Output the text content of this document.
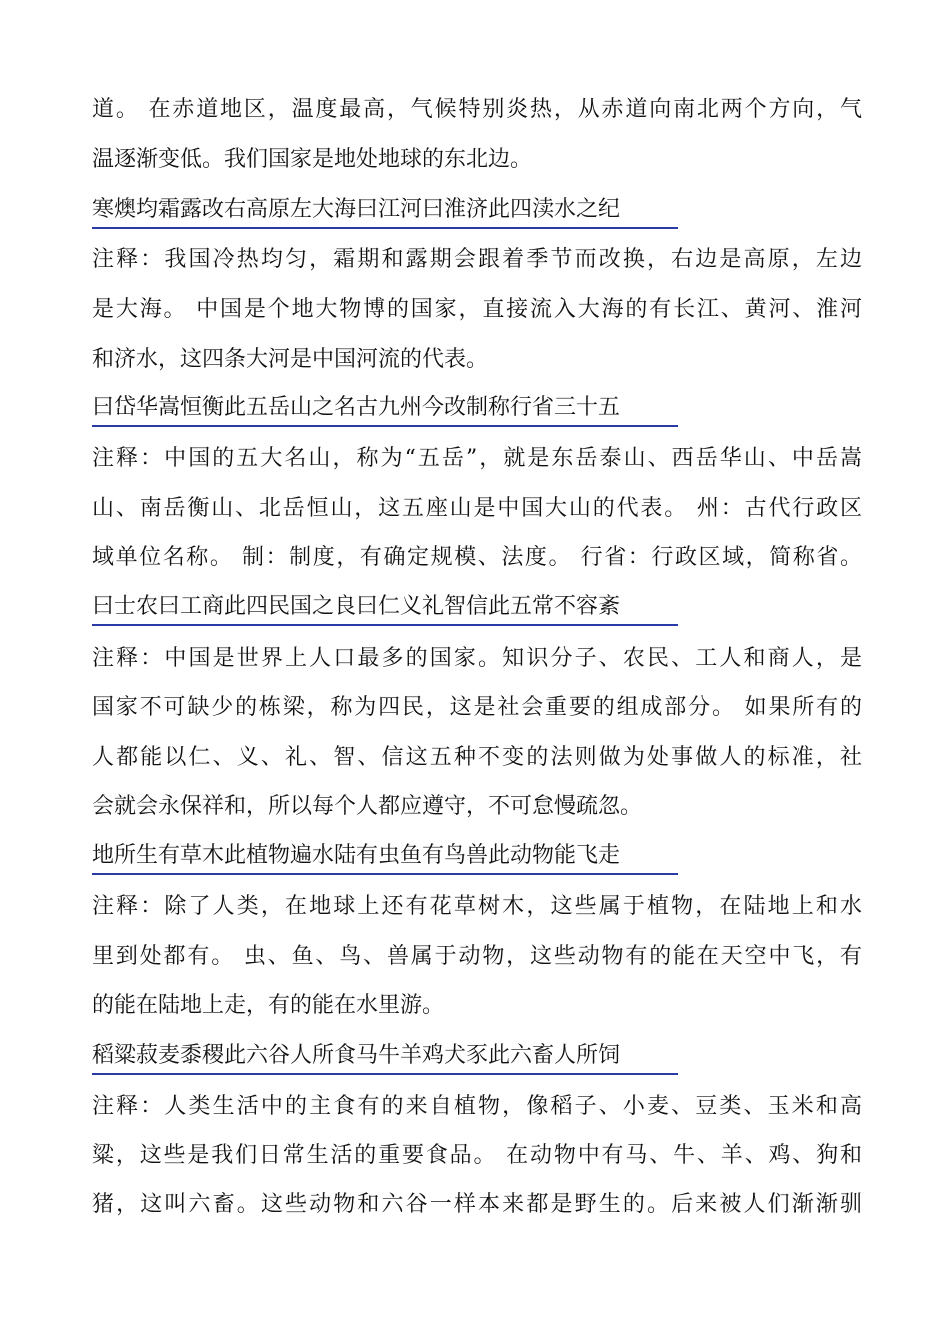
道。 在赤道地区，温度最高，气候特别炎热，从赤道向南北两个方向，气
温逐渐变低。我们国家是地处地球的东北边。
寒燠均霜露改右高原左大海曰江河曰淮济此四渎水之纪
注释：我国冷热均匀，霜期和露期会跟着季节而改换，右边是高原，左边
是大海。 中国是个地大物博的国家，直接流入大海的有长江、黄河、淮河
和济水，这四条大河是中国河流的代表。
曰岱华嵩恒衡此五岳山之名古九州今改制称行省三十五
注释：中国的五大名山，称为“五岳”，就是东岳泰山、西岳华山、中岳嵩
山、南岳衡山、北岳恒山，这五座山是中国大山的代表。 州：古代行政区
域单位名称。 制：制度，有确定规模、法度。 行省：行政区域，简称省。
曰士农曰工商此四民国之良曰仁义礼智信此五常不容紊
注释：中国是世界上人口最多的国家。知识分子、农民、工人和商人，是
国家不可缺少的栋梁，称为四民，这是社会重要的组成部分。 如果所有的
人都能以仁、义、礼、智、信这五种不变的法则做为处事做人的标准，社
会就会永保祥和，所以每个人都应遵守，不可怠慢疏忽。
地所生有草木此植物遍水陆有虫鱼有鸟兽此动物能飞走
注释：除了人类，在地球上还有花草树木，这些属于植物，在陆地上和水
里到处都有。 虫、鱼、鸟、兽属于动物，这些动物有的能在天空中飞，有
的能在陆地上走，有的能在水里游。
稻粱菽麦黍稷此六谷人所食马牛羊鸡犬豕此六畜人所饲
注释：人类生活中的主食有的来自植物，像稻子、小麦、豆类、玉米和高
粱，这些是我们日常生活的重要食品。 在动物中有马、牛、羊、鸡、狗和
猪，这叫六畜。这些动物和六谷一样本来都是野生的。后来被人们渐渐驯
